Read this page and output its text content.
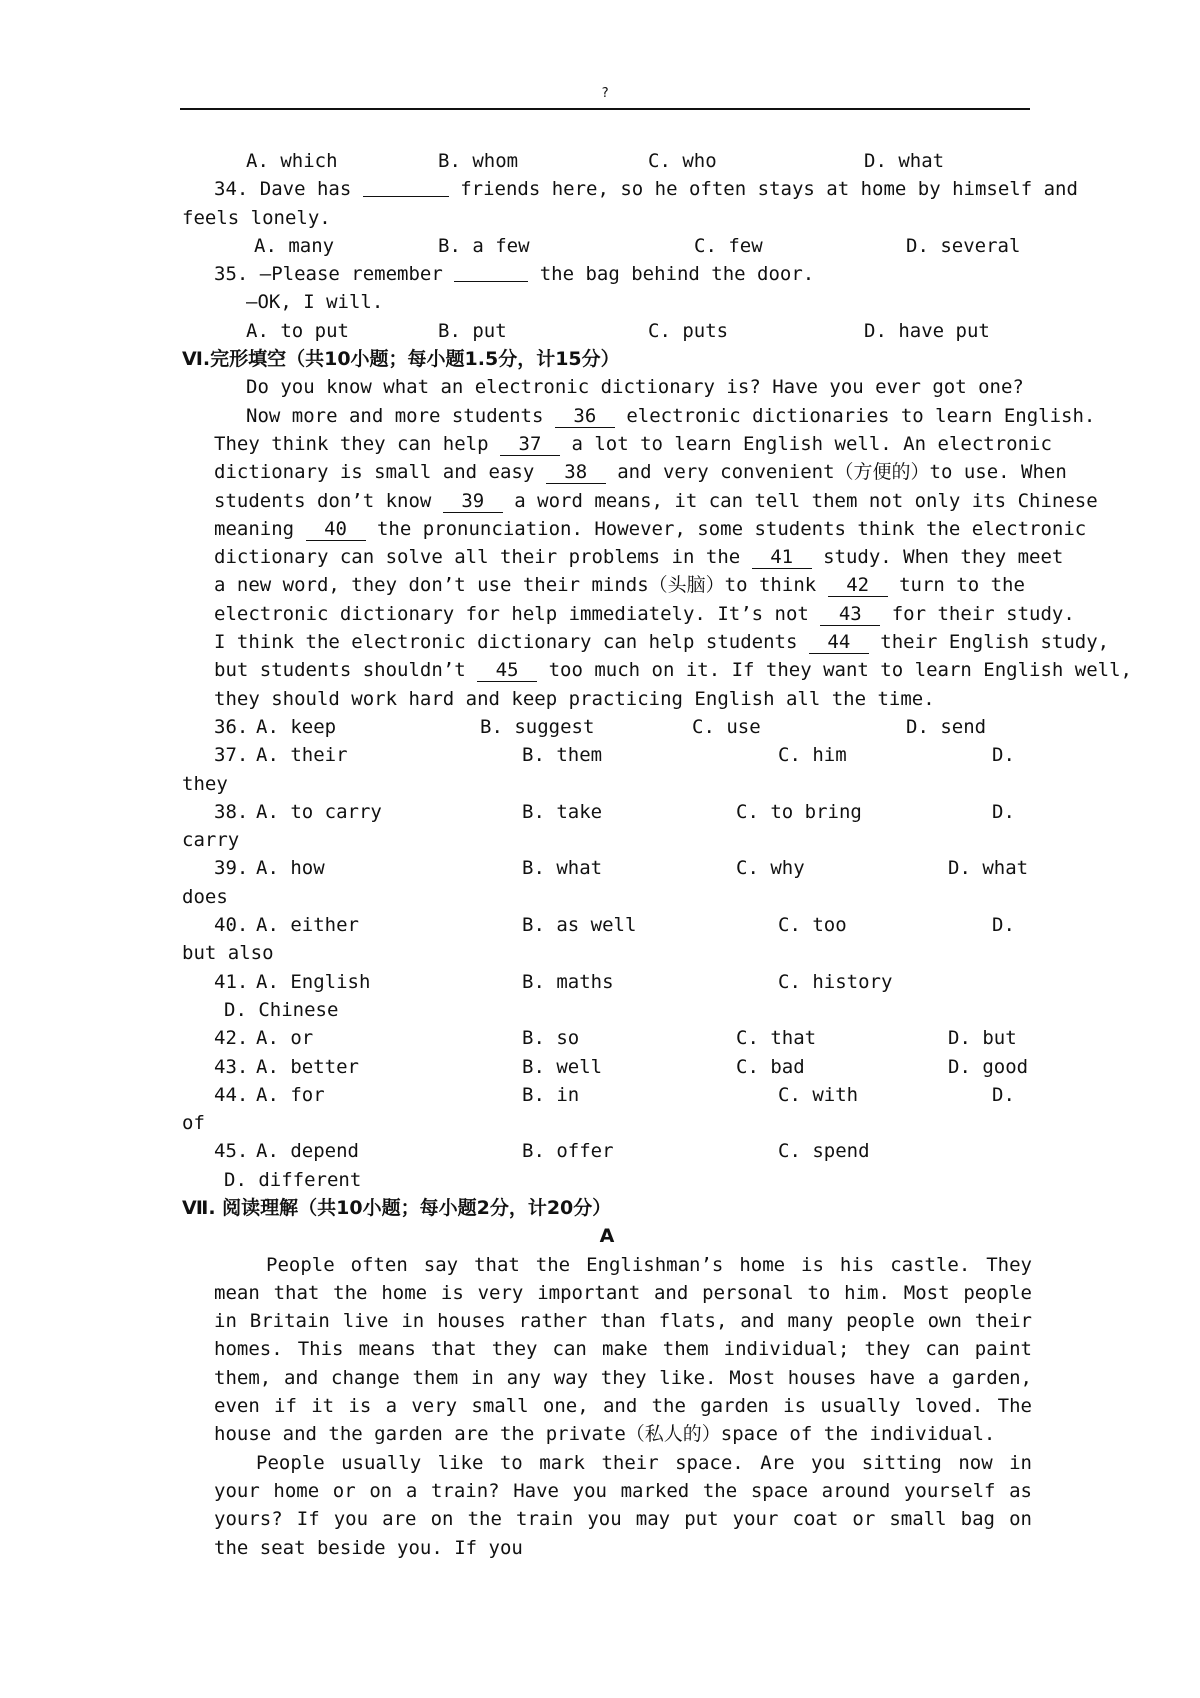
?
A. which	B. whom	C. who	D. what
34. Dave has	friends here, so he often stays at home by himself and
feels lonely.
A. many	B. a few	C. few	D. several
35. —Please remember	the bag behind the door.
—OK, I will.
A. to put	B. put	C. puts	D. have put
Ⅵ.完形填空（共10小题；每小题1.5分，计15分）
Do you know what an electronic dictionary is? Have you ever got one?
Now more and more students 36 electronic dictionaries to learn English.
They think they can help 37 a lot to learn English well. An electronic
dictionary is small and easy 38 and very convenient（方便的）to use. When
students don’t know 39 a word means, it can tell them not only its Chinese
meaning 40 the pronunciation. However, some students think the electronic
dictionary can solve all their problems in the 41 study. When they meet
a new word, they don’t use their minds（头脑）to think 42 turn to the
electronic dictionary for help immediately. It’s not 43 for their study.
I think the electronic dictionary can help students 44 their English study,
but students shouldn’t 45 too much on it. If they want to learn English well,
they should work hard and keep practicing English all the time.
36. A. keep	B. suggest	C. use	D. send
37. A. their	B. them	C. him	D.
they
38. A. to carry	B. take	C. to bring	D.
carry
39. A. how	B. what	C. why	D. what
does
40. A. either	B. as well	C. too	D.
but also
41. A. English	B. maths	C. history
D. Chinese
42. A. or	B. so	C. that	D. but
43. A. better	B. well	C. bad	D. good
44. A. for	B. in	C. with	D.
of
45. A. depend	B. offer	C. spend
D. different
Ⅶ. 阅读理解（共10小题；每小题2分，计20分）
A
People often say that the Englishman’s home is his castle. They mean that the home is very important and personal to him. Most people in Britain live in houses rather than flats, and many people own their homes. This means that they can make them individual; they can paint them, and change them in any way they like. Most houses have a garden, even if it is a very small one, and the garden is usually loved. The house and the garden are the private（私人的）space of the individual.
People usually like to mark their space. Are you sitting now in your home or on a train? Have you marked the space around yourself as yours? If you are on the train you may put your coat or small bag on the seat beside you. If you
